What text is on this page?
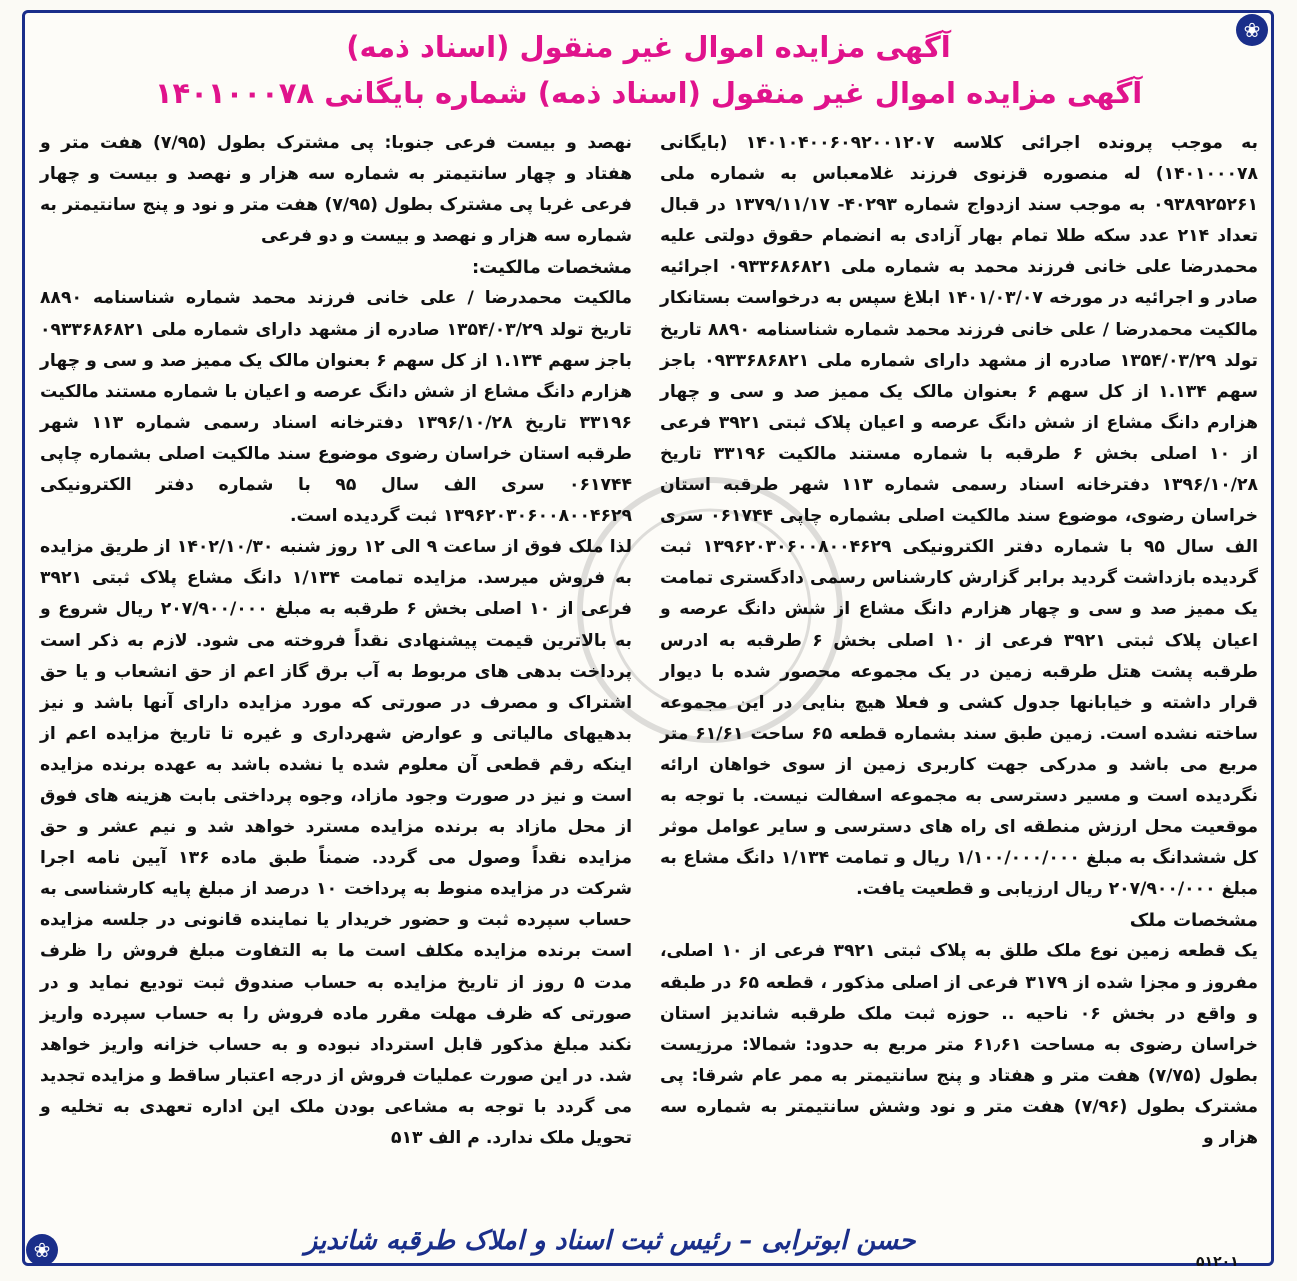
❀
❀
آگهی مزایده اموال غیر منقول (اسناد ذمه)
آگهی مزایده اموال غیر منقول (اسناد ذمه) شماره بایگانی ۱۴۰۱۰۰۰۷۸

به موجب پرونده اجرائی کلاسه ۱۴۰۱۰۴۰۰۶۰۹۲۰۰۱۲۰۷ (بایگانی ۱۴۰۱۰۰۰۷۸) له منصوره قزنوی فرزند غلامعباس به شماره ملی ۰۹۳۸۹۲۵۲۶۱ به موجب سند ازدواج شماره ۴۰۲۹۳- ۱۳۷۹/۱۱/۱۷ در قبال تعداد ۲۱۴ عدد سکه طلا تمام بهار آزادی به انضمام حقوق دولتی علیه محمدرضا علی خانی فرزند محمد به شماره ملی ۰۹۳۳۶۸۶۸۲۱ اجرائیه صادر و اجرائیه در مورخه ۱۴۰۱/۰۳/۰۷ ابلاغ سپس به درخواست بستانکار مالکیت محمدرضا / علی خانی فرزند محمد شماره شناسنامه ۸۸۹۰ تاریخ تولد ۱۳۵۴/۰۳/۲۹ صادره از مشهد دارای شماره ملی ۰۹۳۳۶۸۶۸۲۱ باجز سهم ۱.۱۳۴ از کل سهم ۶ بعنوان مالک یک ممیز صد و سی و چهار هزارم دانگ مشاع از شش دانگ عرصه و اعیان پلاک ثبتی ۳۹۲۱ فرعی از ۱۰ اصلی بخش ۶ طرقبه با شماره مستند مالکیت ۳۳۱۹۶ تاریخ ۱۳۹۶/۱۰/۲۸ دفترخانه اسناد رسمی شماره ۱۱۳ شهر طرقبه استان خراسان رضوی، موضوع سند مالکیت اصلی بشماره چاپی ۰۶۱۷۴۴ سری الف سال ۹۵ با شماره دفتر الکترونیکی ۱۳۹۶۲۰۳۰۶۰۰۸۰۰۴۶۲۹ ثبت گردیده بازداشت گردید برابر گزارش کارشناس رسمی دادگستری تمامت یک ممیز صد و سی و چهار هزارم دانگ مشاع از شش دانگ عرصه و اعیان پلاک ثبتی ۳۹۲۱ فرعی از ۱۰ اصلی بخش ۶ طرقبه به ادرس طرقبه پشت هتل طرقبه زمین در یک مجموعه محصور شده با دیوار قرار داشته و خیابانها جدول کشی و فعلا هیچ بنایی در این مجموعه ساخته نشده است. زمین طبق سند بشماره قطعه ۶۵ ساحت ۶۱/۶۱ متر مربع می باشد و مدرکی جهت کاربری زمین از سوی خواهان ارائه نگردیده است و مسیر دسترسی به مجموعه اسفالت نیست. با توجه به موقعیت محل ارزش منطقه ای راه های دسترسی و سایر عوامل موثر کل ششدانگ به مبلغ ۱/۱۰۰/۰۰۰/۰۰۰ ریال و تمامت ۱/۱۳۴ دانگ مشاع به مبلغ ۲۰۷/۹۰۰/۰۰۰ ریال ارزیابی و قطعیت یافت.

مشخصات ملک

یک قطعه زمین نوع ملک طلق به پلاک ثبتی ۳۹۲۱ فرعی از ۱۰ اصلی، مفروز و مجزا شده از ۳۱۷۹ فرعی از اصلی مذکور ، قطعه ۶۵ در طبقه و واقع در بخش ۰۶ ناحیه .. حوزه ثبت ملک طرقبه شاندیز استان خراسان رضوی به مساحت ۶۱٫۶۱ متر مربع به حدود: شمالا: مرزیست بطول (۷/۷۵) هفت متر و هفتاد و پنج سانتیمتر به ممر عام شرقا: پی مشترک بطول (۷/۹۶) هفت متر و نود وشش سانتیمتر به شماره سه هزار و

نهصد و بیست فرعی جنوبا: پی مشترک بطول (۷/۹۵) هفت متر و هفتاد و چهار سانتیمتر به شماره سه هزار و نهصد و بیست و چهار فرعی غربا پی مشترک بطول (۷/۹۵) هفت متر و نود و پنج سانتیمتر به شماره سه هزار و نهصد و بیست و دو فرعی

مشخصات مالکیت:

مالکیت محمدرضا / علی خانی فرزند محمد شماره شناسنامه ۸۸۹۰ تاریخ تولد ۱۳۵۴/۰۳/۲۹ صادره از مشهد دارای شماره ملی ۰۹۳۳۶۸۶۸۲۱ باجز سهم ۱.۱۳۴ از کل سهم ۶ بعنوان مالک یک ممیز صد و سی و چهار هزارم دانگ مشاع از شش دانگ عرصه و اعیان با شماره مستند مالکیت ۳۳۱۹۶ تاریخ ۱۳۹۶/۱۰/۲۸ دفترخانه اسناد رسمی شماره ۱۱۳ شهر طرقبه استان خراسان رضوی موضوع سند مالکیت اصلی بشماره چاپی ۰۶۱۷۴۴ سری الف سال ۹۵ با شماره دفتر الکترونیکی ۱۳۹۶۲۰۳۰۶۰۰۸۰۰۴۶۲۹ ثبت گردیده است.

لذا ملک فوق از ساعت ۹ الی ۱۲ روز شنبه ۱۴۰۲/۱۰/۳۰ از طریق مزایده به فروش میرسد. مزایده تمامت ۱/۱۳۴ دانگ مشاع پلاک ثبتی ۳۹۲۱ فرعی از ۱۰ اصلی بخش ۶ طرقبه به مبلغ ۲۰۷/۹۰۰/۰۰۰ ریال شروع و به بالاترین قیمت پیشنهادی نقداً فروخته می شود. لازم به ذکر است پرداخت بدهی های مربوط به آب برق گاز اعم از حق انشعاب و یا حق اشتراک و مصرف در صورتی که مورد مزایده دارای آنها باشد و نیز بدهیهای مالیاتی و عوارض شهرداری و غیره تا تاریخ مزایده اعم از اینکه رقم قطعی آن معلوم شده یا نشده باشد به عهده برنده مزایده است و نیز در صورت وجود مازاد، وجوه پرداختی بابت هزینه های فوق از محل مازاد به برنده مزایده مسترد خواهد شد و نیم عشر و حق مزایده نقداً وصول می گردد. ضمناً طبق ماده ۱۳۶ آیین نامه اجرا شرکت در مزایده منوط به پرداخت ۱۰ درصد از مبلغ پایه کارشناسی به حساب سپرده ثبت و حضور خریدار یا نماینده قانونی در جلسه مزایده است برنده مزایده مکلف است ما به التفاوت مبلغ فروش را ظرف مدت ۵ روز از تاریخ مزایده به حساب صندوق ثبت تودیع نماید و در صورتی که ظرف مهلت مقرر ماده فروش را به حساب سپرده واریز نکند مبلغ مذکور قابل استرداد نبوده و به حساب خزانه واریز خواهد شد. در این صورت عملیات فروش از درجه اعتبار ساقط و مزایده تجدید می گردد با توجه به مشاعی بودن ملک این اداره تعهدی به تخلیه و تحویل ملک ندارد. م الف ۵۱۳

حسن ابوترابی – رئیس ثبت اسناد و املاک طرقبه شاندیز
۵۱۲۰۱
